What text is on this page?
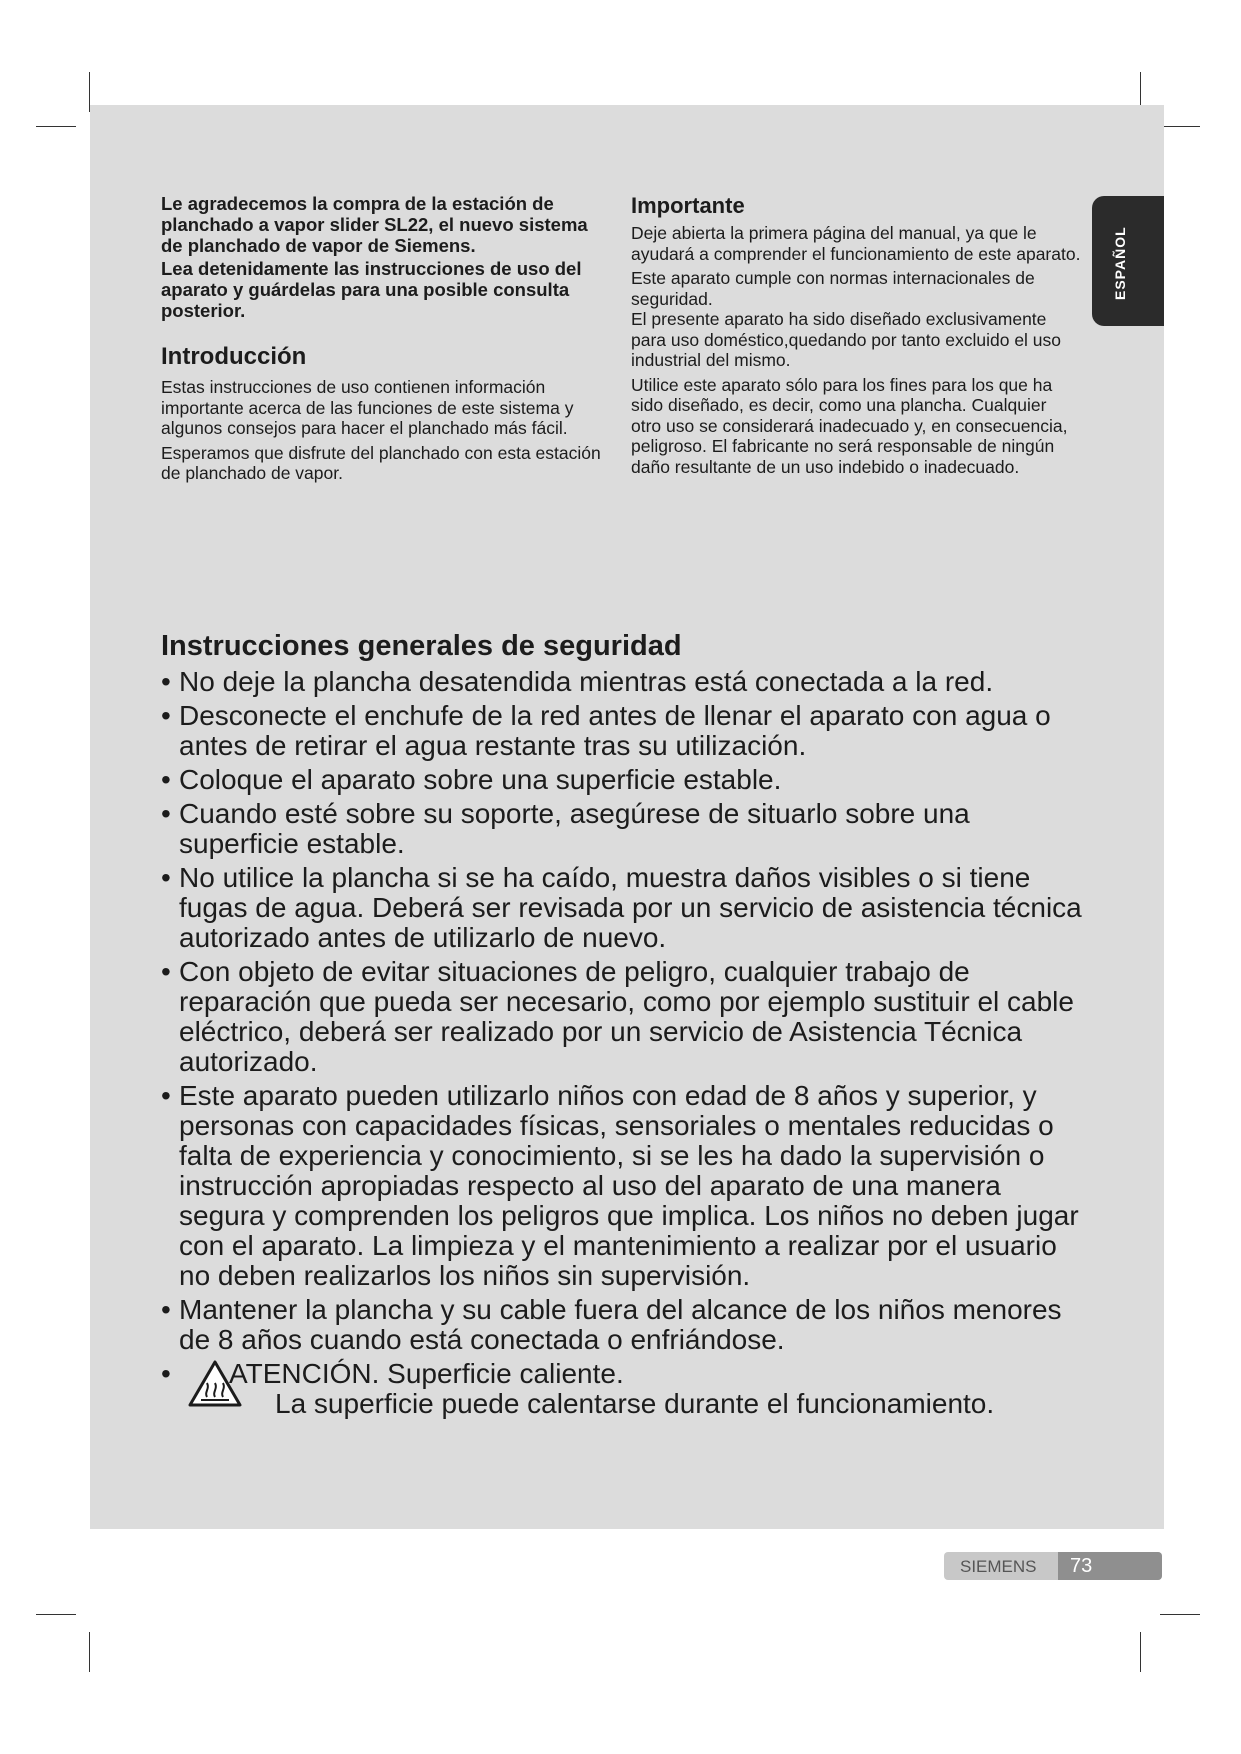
ESPAÑOL

Le agradecemos la compra de la estación de planchado a vapor slider SL22, el nuevo sistema de planchado de vapor de Siemens.

Lea detenidamente las instrucciones de uso del aparato y guárdelas para una posible consulta posterior.

Introducción

Estas instrucciones de uso contienen información importante acerca de las funciones de este sistema y algunos consejos para hacer el planchado más fácil.

Esperamos que disfrute del planchado con esta estación de planchado de vapor.

Importante

Deje abierta la primera página del manual, ya que le ayudará a comprender el funcionamiento de este aparato.

Este aparato cumple con normas internacionales de seguridad.

El presente aparato ha sido diseñado exclusivamente para uso doméstico,quedando por tanto excluido el uso industrial del mismo.

Utilice este aparato sólo para los fines para los que ha sido diseñado, es decir, como una plancha. Cualquier otro uso se considerará inadecuado y, en consecuencia, peligroso. El fabricante no será responsable de ningún daño resultante de un uso indebido o inadecuado.

Instrucciones generales de seguridad
• No deje la plancha desatendida mientras está conectada a la red.
• Desconecte el enchufe de la red antes de llenar el aparato con agua o antes de retirar el agua restante tras su utilización.
• Coloque el aparato sobre una superficie estable.
• Cuando esté sobre su soporte, asegúrese de situarlo sobre una superficie estable.
• No utilice la plancha si se ha caído, muestra daños visibles o si tiene fugas de agua. Deberá ser revisada por un servicio de asistencia técnica autorizado antes de utilizarlo de nuevo.
• Con objeto de evitar situaciones de peligro, cualquier trabajo de reparación que pueda ser necesario, como por ejemplo sustituir el cable eléctrico, deberá ser realizado por un servicio de Asistencia Técnica autorizado.
• Este aparato pueden utilizarlo niños con edad de 8 años y superior, y personas con capacidades físicas, sensoriales o mentales reducidas o falta de experiencia y conocimiento, si se les ha dado la supervisión o instrucción apropiadas respecto al uso del aparato de una manera segura y comprenden los peligros que implica. Los niños no deben jugar con el aparato. La limpieza y el mantenimiento a realizar por el usuario no deben realizarlos los niños sin supervisión.
• Mantener la plancha y su cable fuera del alcance de los niños menores de 8 años cuando está conectada o enfriándose.
• ATENCIÓN. Superficie caliente.
La superficie puede calentarse durante el funcionamiento.
SIEMENS	73
